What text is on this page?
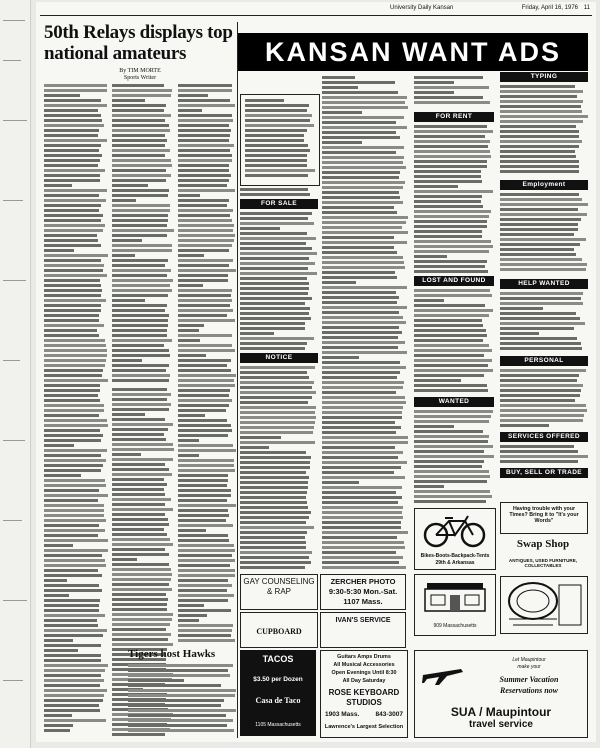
University Daily Kansan	Friday, April 16, 1976 11
50th Relays displays top national amateurs
By TIM MORTE
Sports Writer
Tigers host Hawks
KANSAN WANT ADS
FOR SALE
NOTICE
FOR RENT
LOST AND FOUND
WANTED
TYPING
Employment
HELP WANTED
PERSONAL
SERVICES OFFERED
BUY, SELL OR TRADE
Having trouble with your Times? Bring it to "It's your Words"
Swap Shop
ANTIQUES, USED FURNITURE, COLLECTABLES
Bikes-Boots-Backpack-Tents
29th & Arkansas
GAY COUNSELING
& RAP
ZERCHER PHOTO
9:30-5:30 Mon.-Sat.
1107 Mass.
909 Massachusetts
CUPBOARD
IVAN'S SERVICE
TACOS
$3.50 per Dozen
Casa de Taco
1105 Massachusetts
Guitars Amps Drums
All Musical Accessories
Open Evenings Until 8:30
All Day Saturday
ROSE KEYBOARD
STUDIOS
1903 Mass.	843-3007
Lawrence's Largest Selection
Let Maupintour
make your
Summer Vacation
Reservations now
SUA / Maupintour
travel service
